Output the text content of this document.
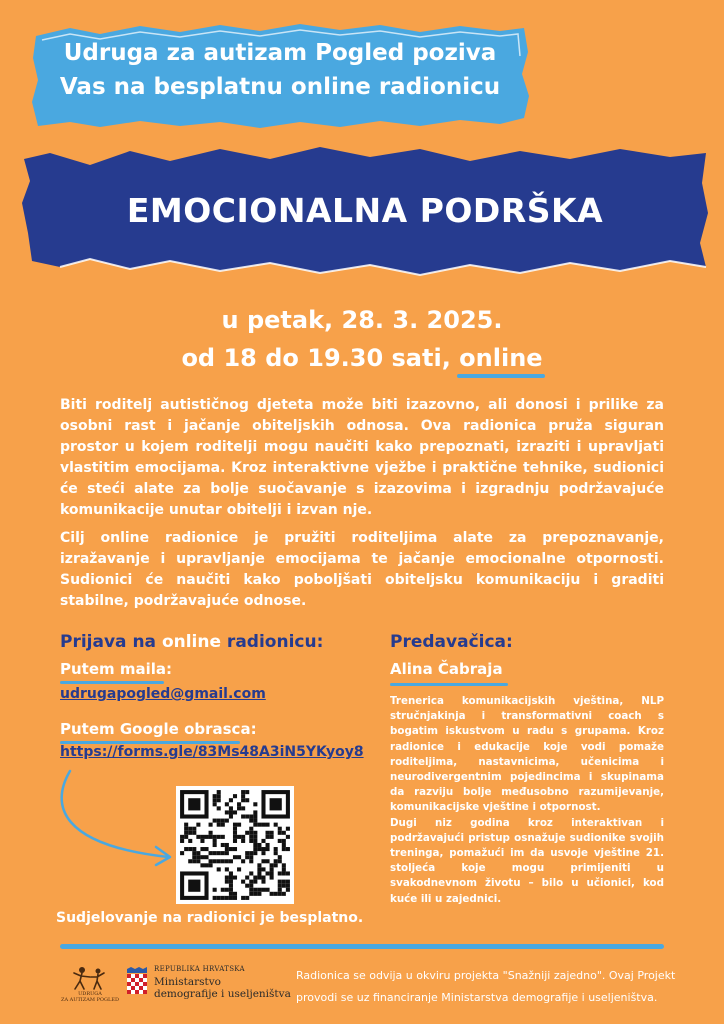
Udruga za autizam Pogled poziva
Vas na besplatnu online radionicu
EMOCIONALNA PODRŠKA
u petak, 28. 3. 2025.
od 18 do 19.30 sati, online
Biti roditelj autističnog djeteta može biti izazovno, ali donosi i prilike za osobni rast i jačanje obiteljskih odnosa. Ova radionica pruža siguran prostor u kojem roditelji mogu naučiti kako prepoznati, izraziti i upravljati vlastitim emocijama. Kroz interaktivne vježbe i praktične tehnike, sudionici će steći alate za bolje suočavanje s izazovima i izgradnju podržavajuće komunikacije unutar obitelji i izvan nje.
Cilj online radionice je pružiti roditeljima alate za prepoznavanje, izražavanje i upravljanje emocijama te jačanje emocionalne otpornosti. Sudionici će naučiti kako poboljšati obiteljsku komunikaciju i graditi stabilne, podržavajuće odnose.
Prijava na online radionicu:
Putem maila:
udrugapogled@gmail.com
Putem Google obrasca:
https://forms.gle/83Ms48A3iN5YKyoy8
Sudjelovanje na radionici je besplatno.
Predavačica:
Alina Čabraja

Trenerica komunikacijskih vještina, NLP stručnjakinja i transformativni coach s bogatim iskustvom u radu s grupama. Kroz radionice i edukacije koje vodi pomaže roditeljima, nastavnicima, učenicima i neurodivergentnim pojedincima i skupinama da razviju bolje međusobno razumijevanje, komunikacijske vještine i otpornost.

Dugi niz godina kroz interaktivan i podržavajući pristup osnažuje sudionike svojih treninga, pomažući im da usvoje vještine 21. stoljeća koje mogu primijeniti u svakodnevnom životu – bilo u učionici, kod kuće ili u zajednici.

UDRUGA
ZA AUTIZAM POGLED
REPUBLIKA HRVATSKA
Ministarstvo
demografije i useljeništva
Radionica se odvija u okviru projekta "Snažniji zajedno". Ovaj Projekt provodi se uz financiranje Ministarstva demografije i useljeništva.
